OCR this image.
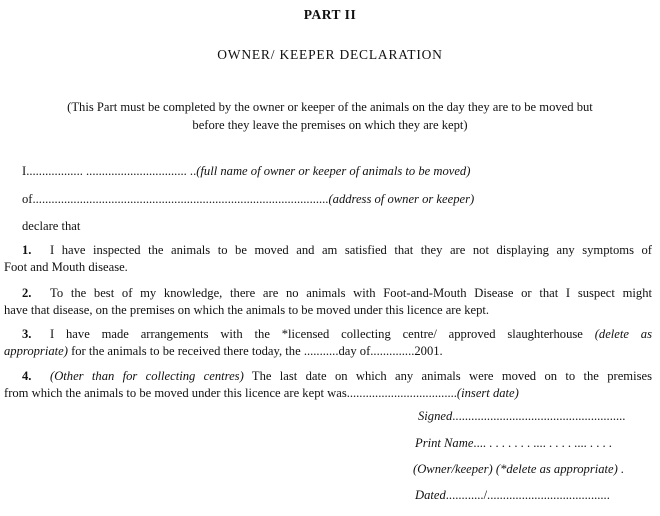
PART II
OWNER/ KEEPER DECLARATION
(This Part must be completed by the owner or keeper of the animals on the day they are to be moved but
before they leave the premises on which they are kept)
I.................. ................................ ..(full name of owner or keeper of animals to be moved)
of..............................................................................................(address of owner or keeper)
declare that
1. I have inspected the animals to be moved and am satisfied that they are not displaying any symptoms of
Foot and Mouth disease.
2. To the best of my knowledge, there are no animals with Foot-and-Mouth Disease or that I suspect might
have that disease, on the premises on which the animals to be moved under this licence are kept.
3. I have made arrangements with the *licensed collecting centre/ approved slaughterhouse (delete as
appropriate) for the animals to be received there today, the ...........day of..............2001.
4. (Other than for collecting centres) The last date on which any animals were moved on to the premises
from which the animals to be moved under this licence are kept was...................................(insert date)
Signed.......................................................
Print Name.... . . . . . . . .... . . . . .... . . . .
(Owner/keeper) (*delete as appropriate) .
Dated............/.......................................
